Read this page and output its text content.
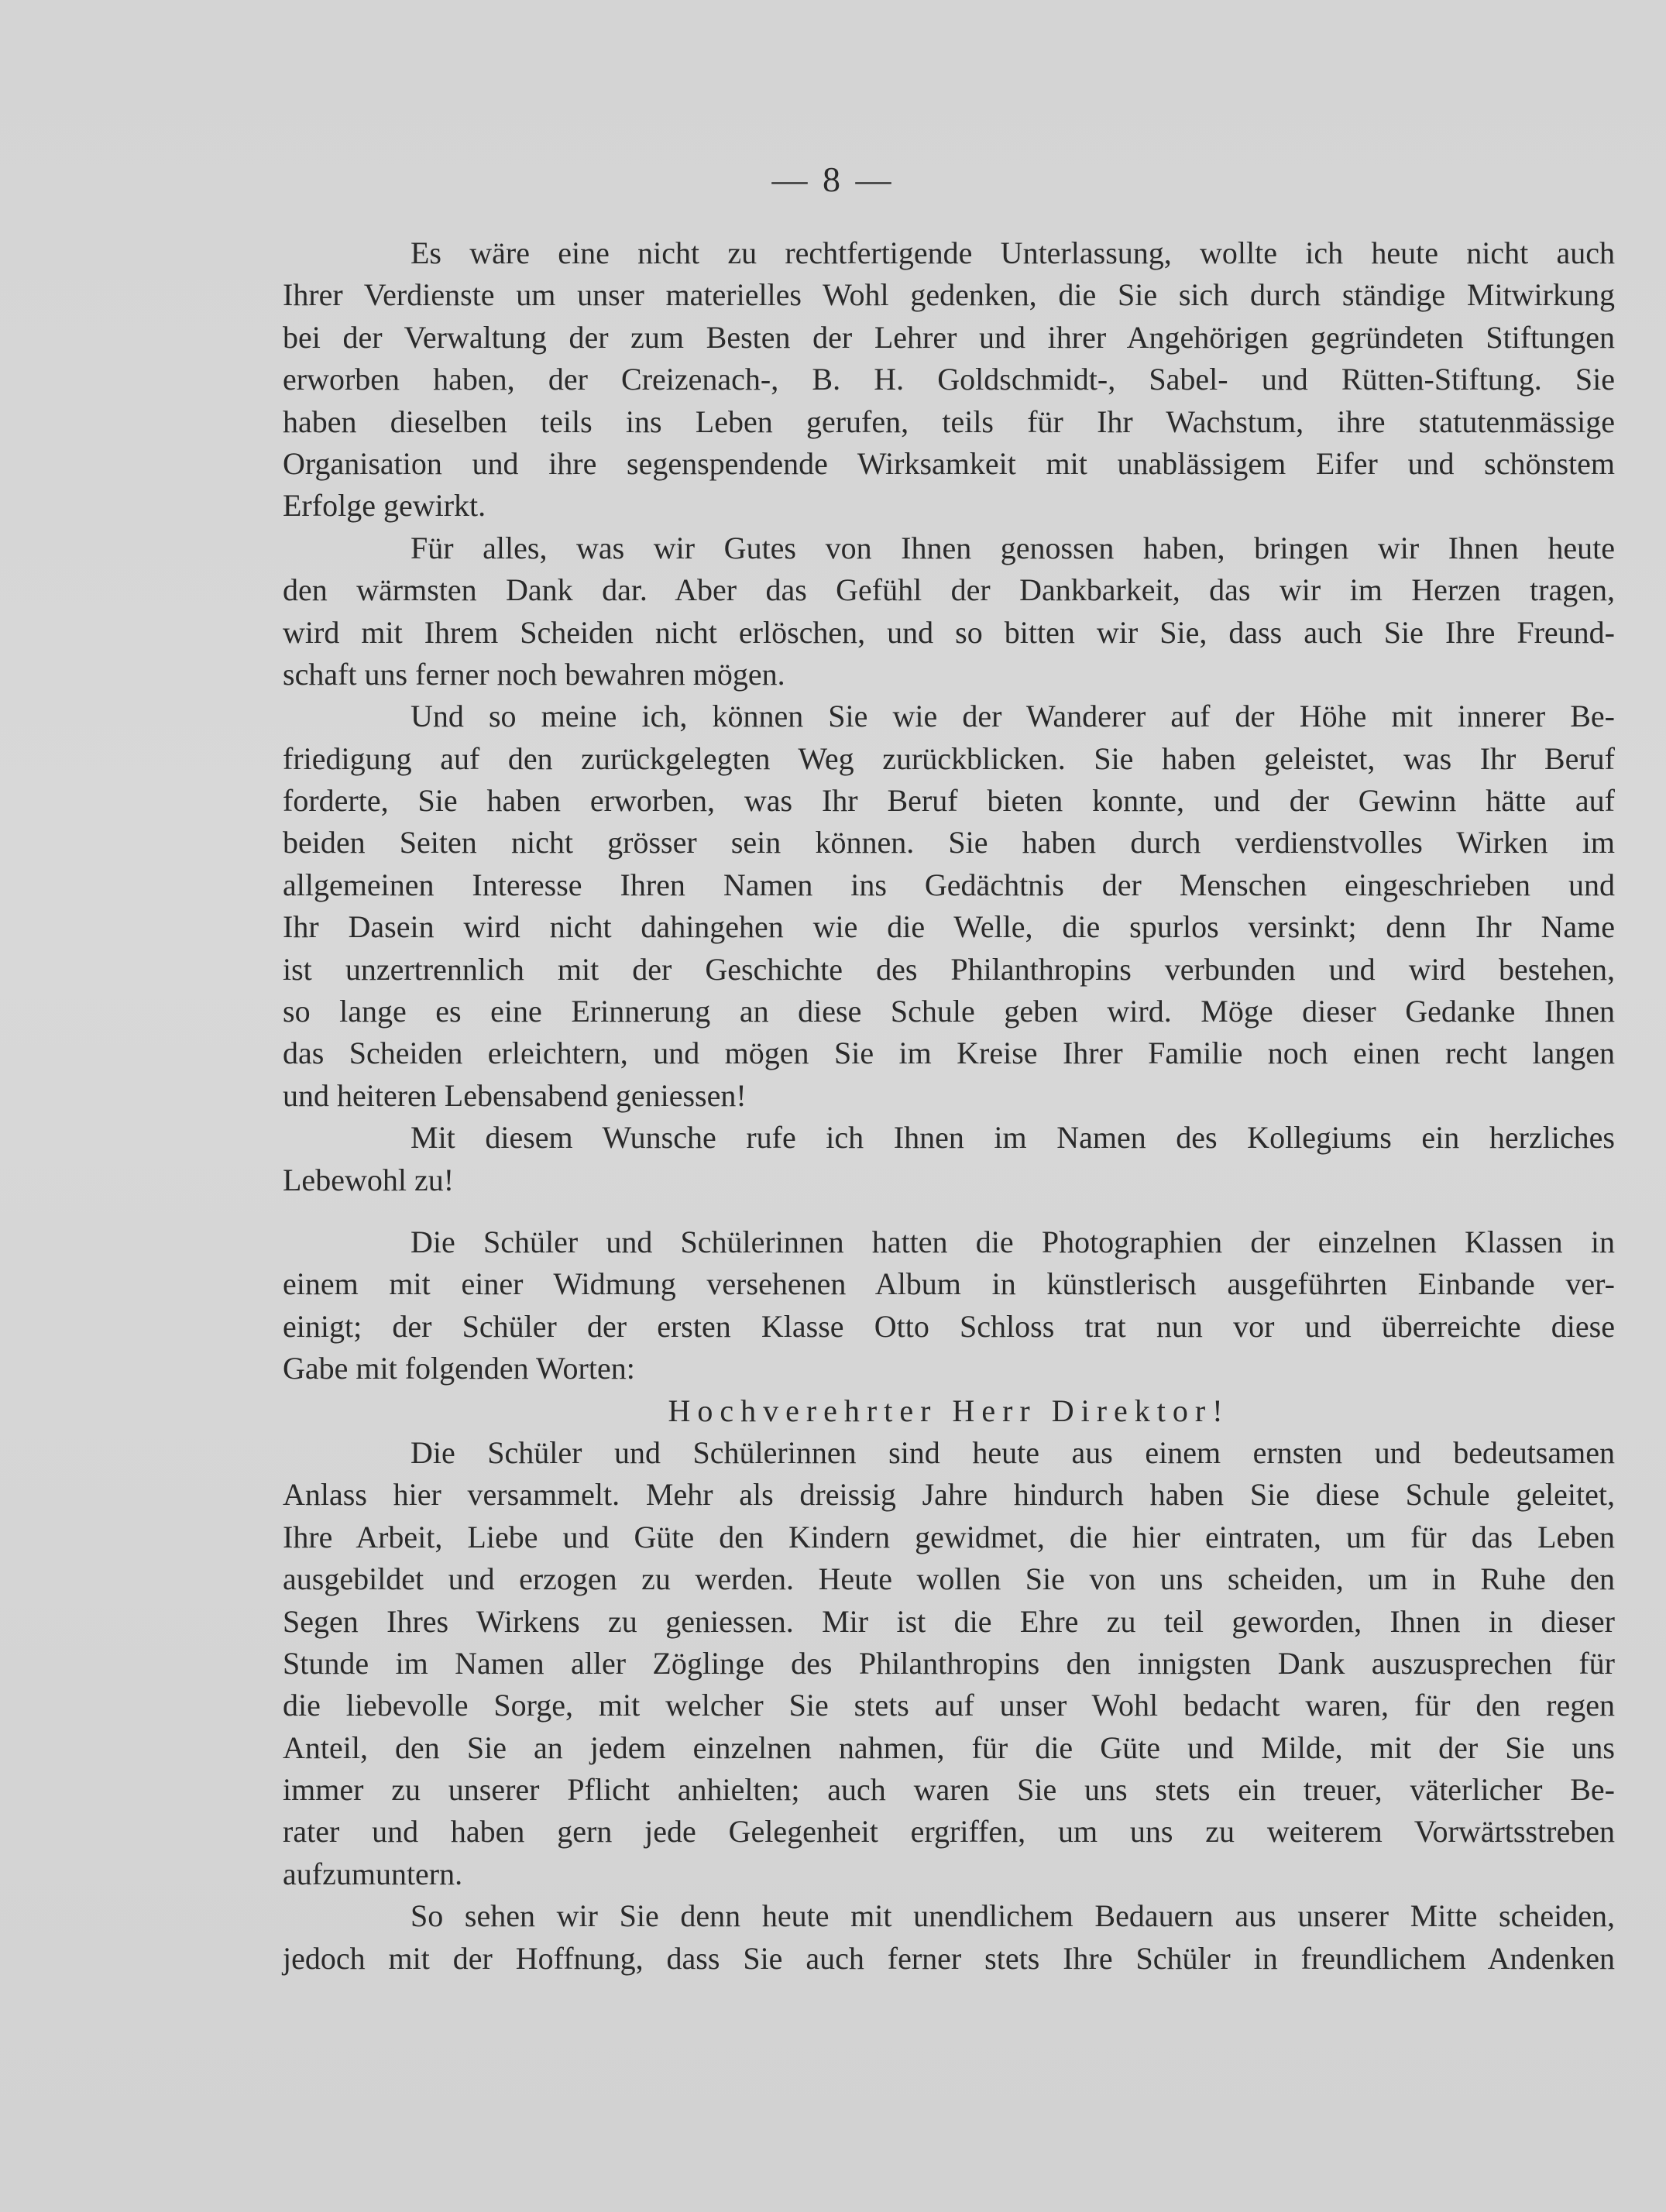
— 8 —
Es wäre eine nicht zu rechtfertigende Unterlassung, wollte ich heute nicht auch
Ihrer Verdienste um unser materielles Wohl gedenken, die Sie sich durch ständige Mitwirkung
bei der Verwaltung der zum Besten der Lehrer und ihrer Angehörigen gegründeten Stiftungen
erworben haben, der Creizenach-, B. H. Goldschmidt-, Sabel- und Rütten-Stiftung. Sie
haben dieselben teils ins Leben gerufen, teils für Ihr Wachstum, ihre statutenmässige
Organisation und ihre segenspendende Wirksamkeit mit unablässigem Eifer und schönstem
Erfolge gewirkt.
Für alles, was wir Gutes von Ihnen genossen haben, bringen wir Ihnen heute
den wärmsten Dank dar. Aber das Gefühl der Dankbarkeit, das wir im Herzen tragen,
wird mit Ihrem Scheiden nicht erlöschen, und so bitten wir Sie, dass auch Sie Ihre Freund-
schaft uns ferner noch bewahren mögen.
Und so meine ich, können Sie wie der Wanderer auf der Höhe mit innerer Be-
friedigung auf den zurückgelegten Weg zurückblicken. Sie haben geleistet, was Ihr Beruf
forderte, Sie haben erworben, was Ihr Beruf bieten konnte, und der Gewinn hätte auf
beiden Seiten nicht grösser sein können. Sie haben durch verdienstvolles Wirken im
allgemeinen Interesse Ihren Namen ins Gedächtnis der Menschen eingeschrieben und
Ihr Dasein wird nicht dahingehen wie die Welle, die spurlos versinkt; denn Ihr Name
ist unzertrennlich mit der Geschichte des Philanthropins verbunden und wird bestehen,
so lange es eine Erinnerung an diese Schule geben wird. Möge dieser Gedanke Ihnen
das Scheiden erleichtern, und mögen Sie im Kreise Ihrer Familie noch einen recht langen
und heiteren Lebensabend geniessen!
Mit diesem Wunsche rufe ich Ihnen im Namen des Kollegiums ein herzliches
Lebewohl zu!
Die Schüler und Schülerinnen hatten die Photographien der einzelnen Klassen in
einem mit einer Widmung versehenen Album in künstlerisch ausgeführten Einbande ver-
einigt; der Schüler der ersten Klasse Otto Schloss trat nun vor und überreichte diese
Gabe mit folgenden Worten:
Hochverehrter Herr Direktor!
Die Schüler und Schülerinnen sind heute aus einem ernsten und bedeutsamen
Anlass hier versammelt. Mehr als dreissig Jahre hindurch haben Sie diese Schule geleitet,
Ihre Arbeit, Liebe und Güte den Kindern gewidmet, die hier eintraten, um für das Leben
ausgebildet und erzogen zu werden. Heute wollen Sie von uns scheiden, um in Ruhe den
Segen Ihres Wirkens zu geniessen. Mir ist die Ehre zu teil geworden, Ihnen in dieser
Stunde im Namen aller Zöglinge des Philanthropins den innigsten Dank auszusprechen für
die liebevolle Sorge, mit welcher Sie stets auf unser Wohl bedacht waren, für den regen
Anteil, den Sie an jedem einzelnen nahmen, für die Güte und Milde, mit der Sie uns
immer zu unserer Pflicht anhielten; auch waren Sie uns stets ein treuer, väterlicher Be-
rater und haben gern jede Gelegenheit ergriffen, um uns zu weiterem Vorwärtsstreben
aufzumuntern.
So sehen wir Sie denn heute mit unendlichem Bedauern aus unserer Mitte scheiden,
jedoch mit der Hoffnung, dass Sie auch ferner stets Ihre Schüler in freundlichem Andenken
